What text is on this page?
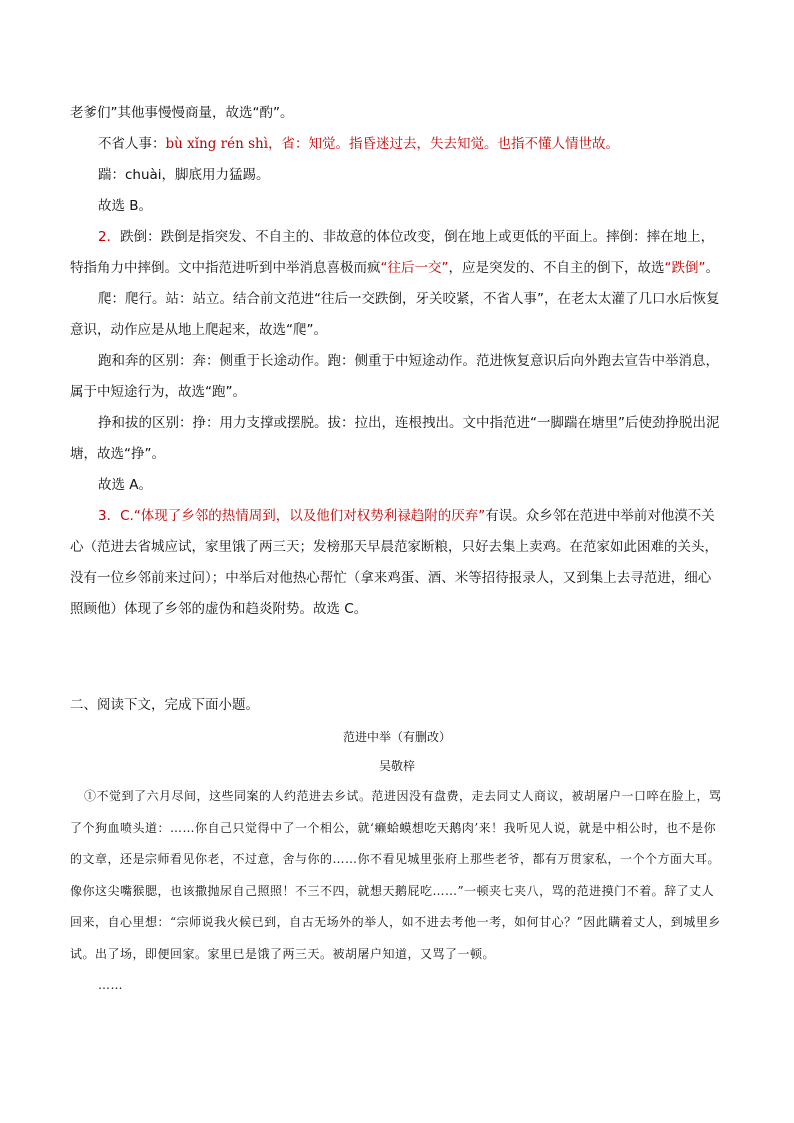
老爹们”其他事慢慢商量，故选“酌”。

不省人事：bù xǐng rén shì，省：知觉。指昏迷过去，失去知觉。也指不懂人情世故。

踹：chuài，脚底用力猛踢。

故选 B。

2．跌倒：跌倒是指突发、不自主的、非故意的体位改变，倒在地上或更低的平面上。摔倒：摔在地上，特指角力中摔倒。文中指范进听到中举消息喜极而疯“往后一交”，应是突发的、不自主的倒下，故选“跌倒”。

爬：爬行。站：站立。结合前文范进“往后一交跌倒，牙关咬紧，不省人事”，在老太太灌了几口水后恢复意识，动作应是从地上爬起来，故选“爬”。

跑和奔的区别：奔：侧重于长途动作。跑：侧重于中短途动作。范进恢复意识后向外跑去宣告中举消息，属于中短途行为，故选“跑”。

挣和拔的区别：挣：用力支撑或摆脱。拔：拉出，连根拽出。文中指范进“一脚踹在塘里”后使劲挣脱出泥塘，故选“挣”。

故选 A。

3．C.“体现了乡邻的热情周到，以及他们对权势利禄趋附的厌弃”有误。众乡邻在范进中举前对他漠不关心（范进去省城应试，家里饿了两三天；发榜那天早晨范家断粮，只好去集上卖鸡。在范家如此困难的关头，没有一位乡邻前来过问）；中举后对他热心帮忙（拿来鸡蛋、酒、米等招待报录人，又到集上去寻范进，细心照顾他）体现了乡邻的虚伪和趋炎附势。故选 C。

二、阅读下文，完成下面小题。

范进中举（有删改）
吴敬梓

①不觉到了六月尽间，这些同案的人约范进去乡试。范进因没有盘费，走去同丈人商议，被胡屠户一口啐在脸上，骂了个狗血喷头道：……你自己只觉得中了一个相公，就‘癞蛤蟆想吃天鹅肉’来！我听见人说，就是中相公时，也不是你的文章，还是宗师看见你老，不过意，舍与你的……你不看见城里张府上那些老爷，都有万贯家私，一个个方面大耳。像你这尖嘴猴腮，也该撒抛尿自己照照！不三不四，就想天鹅屁吃……”一顿夹七夹八，骂的范进摸门不着。辞了丈人回来，自心里想：“宗师说我火候已到，自古无场外的举人，如不进去考他一考，如何甘心？”因此瞒着丈人，到城里乡试。出了场，即便回家。家里已是饿了两三天。被胡屠户知道，又骂了一顿。

……
